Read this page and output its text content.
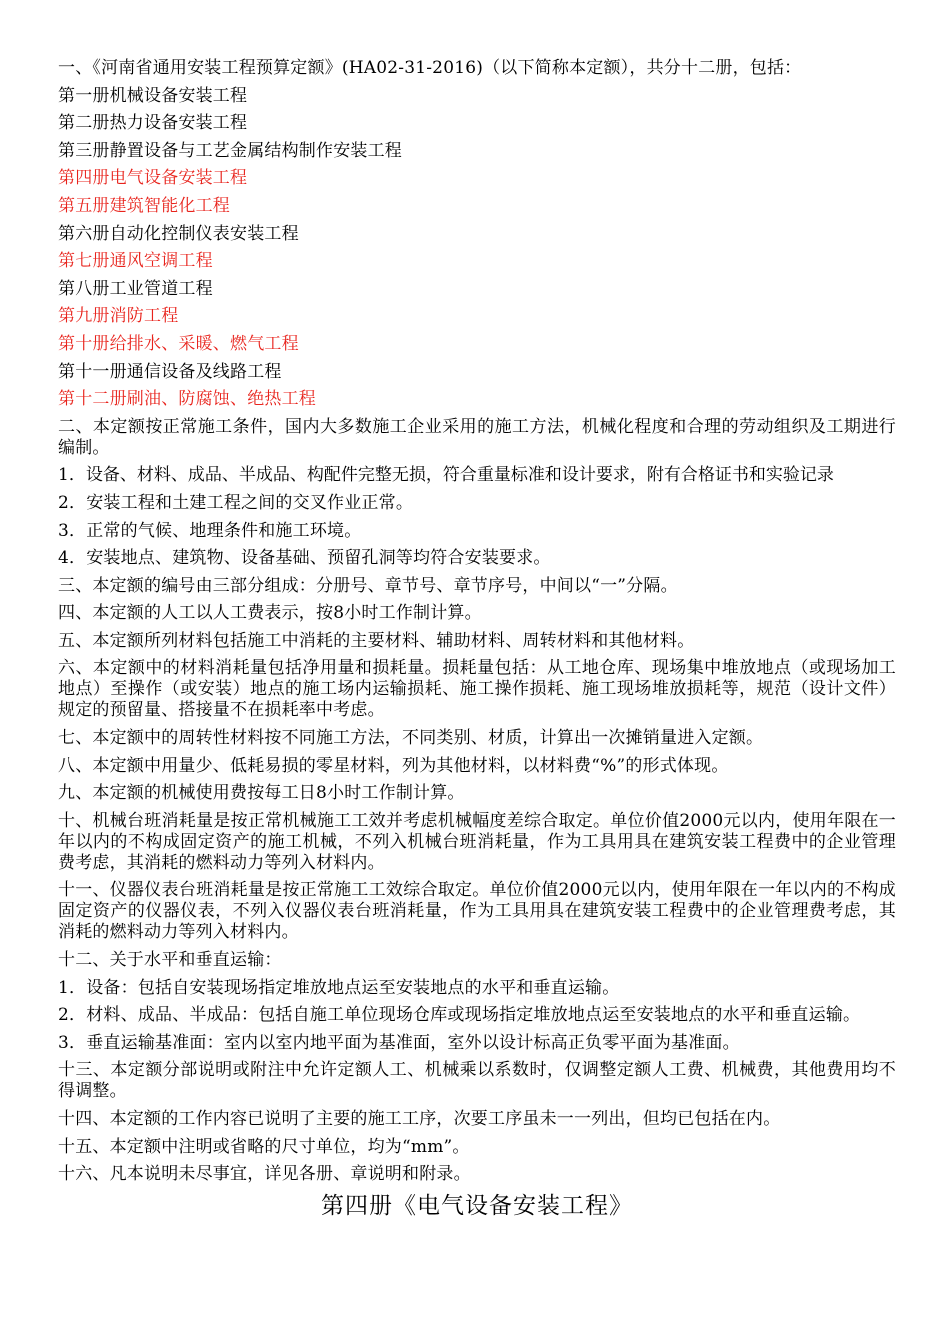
一、《河南省通用安装工程预算定额》(HA02-31-2016)（以下简称本定额），共分十二册，包括：
第一册机械设备安装工程
第二册热力设备安装工程
第三册静置设备与工艺金属结构制作安装工程
第四册电气设备安装工程
第五册建筑智能化工程
第六册自动化控制仪表安装工程
第七册通风空调工程
第八册工业管道工程
第九册消防工程
第十册给排水、采暖、燃气工程
第十一册通信设备及线路工程
第十二册刷油、防腐蚀、绝热工程
二、本定额按正常施工条件，国内大多数施工企业采用的施工方法，机械化程度和合理的劳动组织及工期进行编制。
1．设备、材料、成品、半成品、构配件完整无损，符合重量标准和设计要求，附有合格证书和实验记录
2．安装工程和土建工程之间的交叉作业正常。
3．正常的气候、地理条件和施工环境。
4．安装地点、建筑物、设备基础、预留孔洞等均符合安装要求。
三、本定额的编号由三部分组成：分册号、章节号、章节序号，中间以“一”分隔。
四、本定额的人工以人工费表示，按8小时工作制计算。
五、本定额所列材料包括施工中消耗的主要材料、辅助材料、周转材料和其他材料。
六、本定额中的材料消耗量包括净用量和损耗量。损耗量包括：从工地仓库、现场集中堆放地点（或现场加工地点）至操作（或安装）地点的施工场内运输损耗、施工操作损耗、施工现场堆放损耗等，规范（设计文件）规定的预留量、搭接量不在损耗率中考虑。
七、本定额中的周转性材料按不同施工方法，不同类别、材质，计算出一次摊销量进入定额。
八、本定额中用量少、低耗易损的零星材料，列为其他材料，以材料费“%”的形式体现。
九、本定额的机械使用费按每工日8小时工作制计算。
十、机械台班消耗量是按正常机械施工工效并考虑机械幅度差综合取定。单位价值2000元以内，使用年限在一年以内的不构成固定资产的施工机械，不列入机械台班消耗量，作为工具用具在建筑安装工程费中的企业管理费考虑，其消耗的燃料动力等列入材料内。
十一、仪器仪表台班消耗量是按正常施工工效综合取定。单位价值2000元以内，使用年限在一年以内的不构成固定资产的仪器仪表，不列入仪器仪表台班消耗量，作为工具用具在建筑安装工程费中的企业管理费考虑，其消耗的燃料动力等列入材料内。
十二、关于水平和垂直运输：
1．设备：包括自安装现场指定堆放地点运至安装地点的水平和垂直运输。
2．材料、成品、半成品：包括自施工单位现场仓库或现场指定堆放地点运至安装地点的水平和垂直运输。
3．垂直运输基准面：室内以室内地平面为基准面，室外以设计标高正负零平面为基准面。
十三、本定额分部说明或附注中允许定额人工、机械乘以系数时，仅调整定额人工费、机械费，其他费用均不得调整。
十四、本定额的工作内容已说明了主要的施工工序，次要工序虽未一一列出，但均已包括在内。
十五、本定额中注明或省略的尺寸单位，均为“mm”。
十六、凡本说明未尽事宜，详见各册、章说明和附录。
第四册《电气设备安装工程》
